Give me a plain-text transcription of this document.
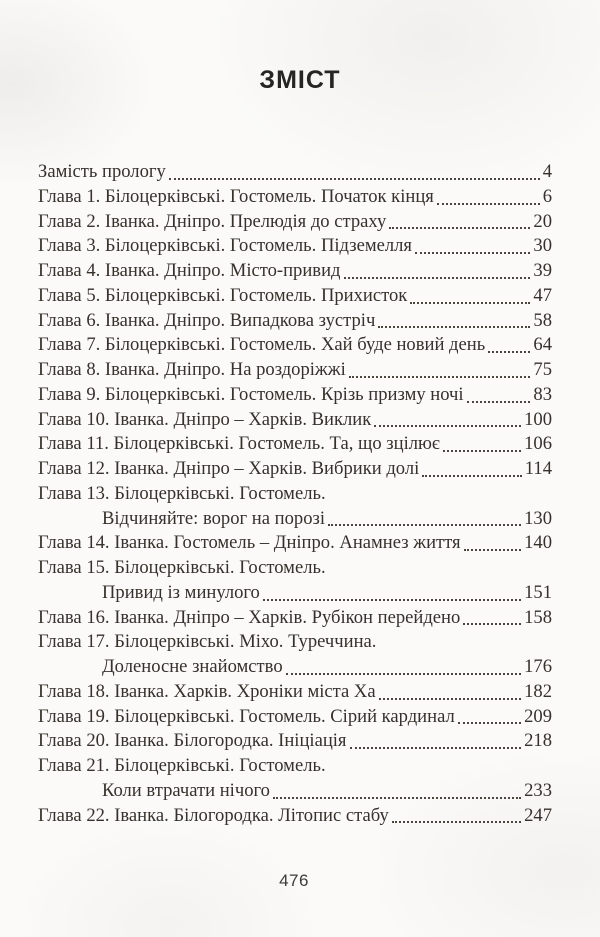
ЗМІСТ
Замість прологу	4
Глава 1. Білоцерківські. Гостомель. Початок кінця	6
Глава 2. Іванка. Дніпро. Прелюдія до страху	20
Глава 3. Білоцерківські. Гостомель. Підземелля	30
Глава 4. Іванка. Дніпро. Місто-привид	39
Глава 5. Білоцерківські. Гостомель. Прихисток	47
Глава 6. Іванка. Дніпро. Випадкова зустріч	58
Глава 7. Білоцерківські. Гостомель. Хай буде новий день	64
Глава 8. Іванка. Дніпро. На роздоріжжі	75
Глава 9. Білоцерківські. Гостомель. Крізь призму ночі	83
Глава 10. Іванка. Дніпро – Харків. Виклик	100
Глава 11. Білоцерківські. Гостомель. Та, що зцілює	106
Глава 12. Іванка. Дніпро – Харків. Вибрики долі	114
Глава 13. Білоцерківські. Гостомель.
Відчиняйте: ворог на порозі	130
Глава 14. Іванка. Гостомель – Дніпро. Анамнез життя	140
Глава 15. Білоцерківські. Гостомель.
Привид із минулого	151
Глава 16. Іванка. Дніпро – Харків. Рубікон перейдено	158
Глава 17. Білоцерківські. Міхо. Туреччина.
Доленосне знайомство	176
Глава 18. Іванка. Харків. Хроніки міста Ха	182
Глава 19. Білоцерківські. Гостомель. Сірий кардинал	209
Глава 20. Іванка. Білогородка. Ініціація	218
Глава 21. Білоцерківські. Гостомель.
Коли втрачати нічого	233
Глава 22. Іванка. Білогородка. Літопис стабу	247
476
